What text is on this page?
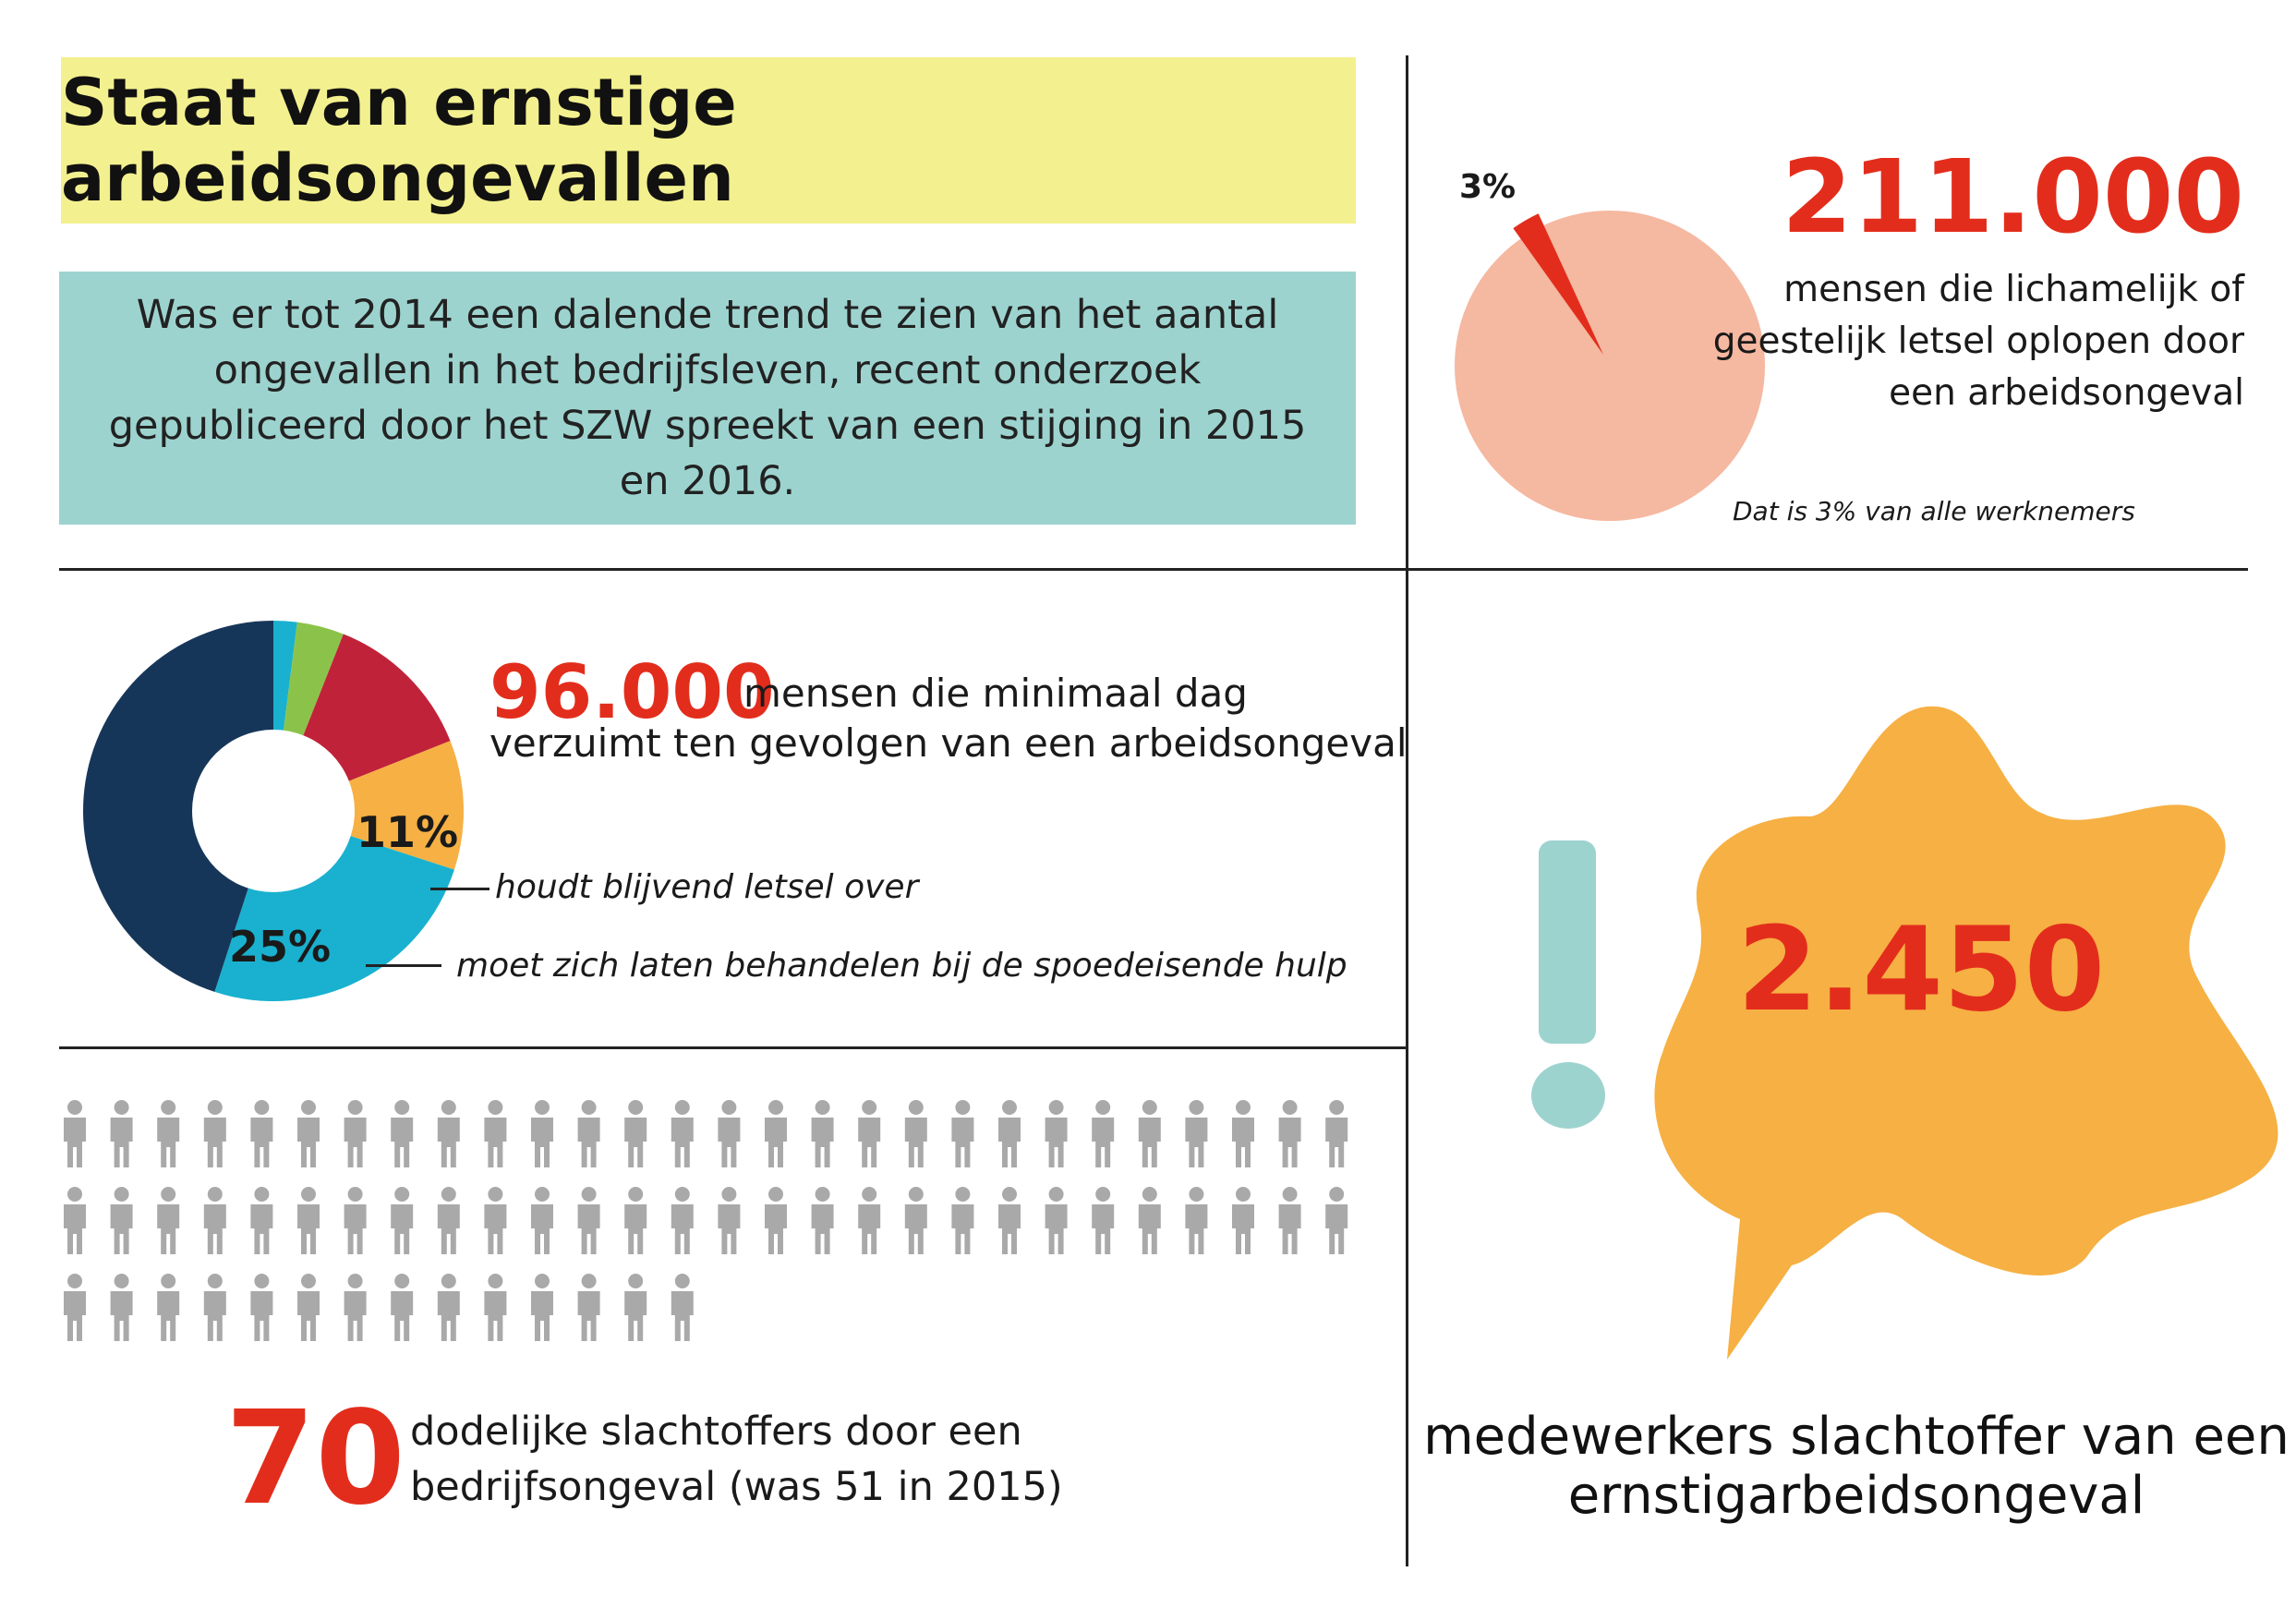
Staat van ernstige arbeidsongevallen

Was er tot 2014 een dalende trend te zien van het aantal ongevallen in het bedrijfsleven, recent onderzoek gepubliceerd door het SZW spreekt van een stijging in 2015 en 2016.

3%	211.000
mensen die lichamelijk of geestelijk letsel oplopen door een arbeidsongeval
Dat is 3% van alle werknemers
11%
25%
houdt blijvend letsel over
moet zich laten behandelen bij de spoedeisende hulp
96.000
mensen die minimaal dag
verzuimt ten gevolgen van een arbeidsongeval
70 dodelijke slachtoffers door een bedrijfsongeval (was 51 in 2015)
2.450
medewerkers slachtoffer van een ernstigarbeidsongeval
